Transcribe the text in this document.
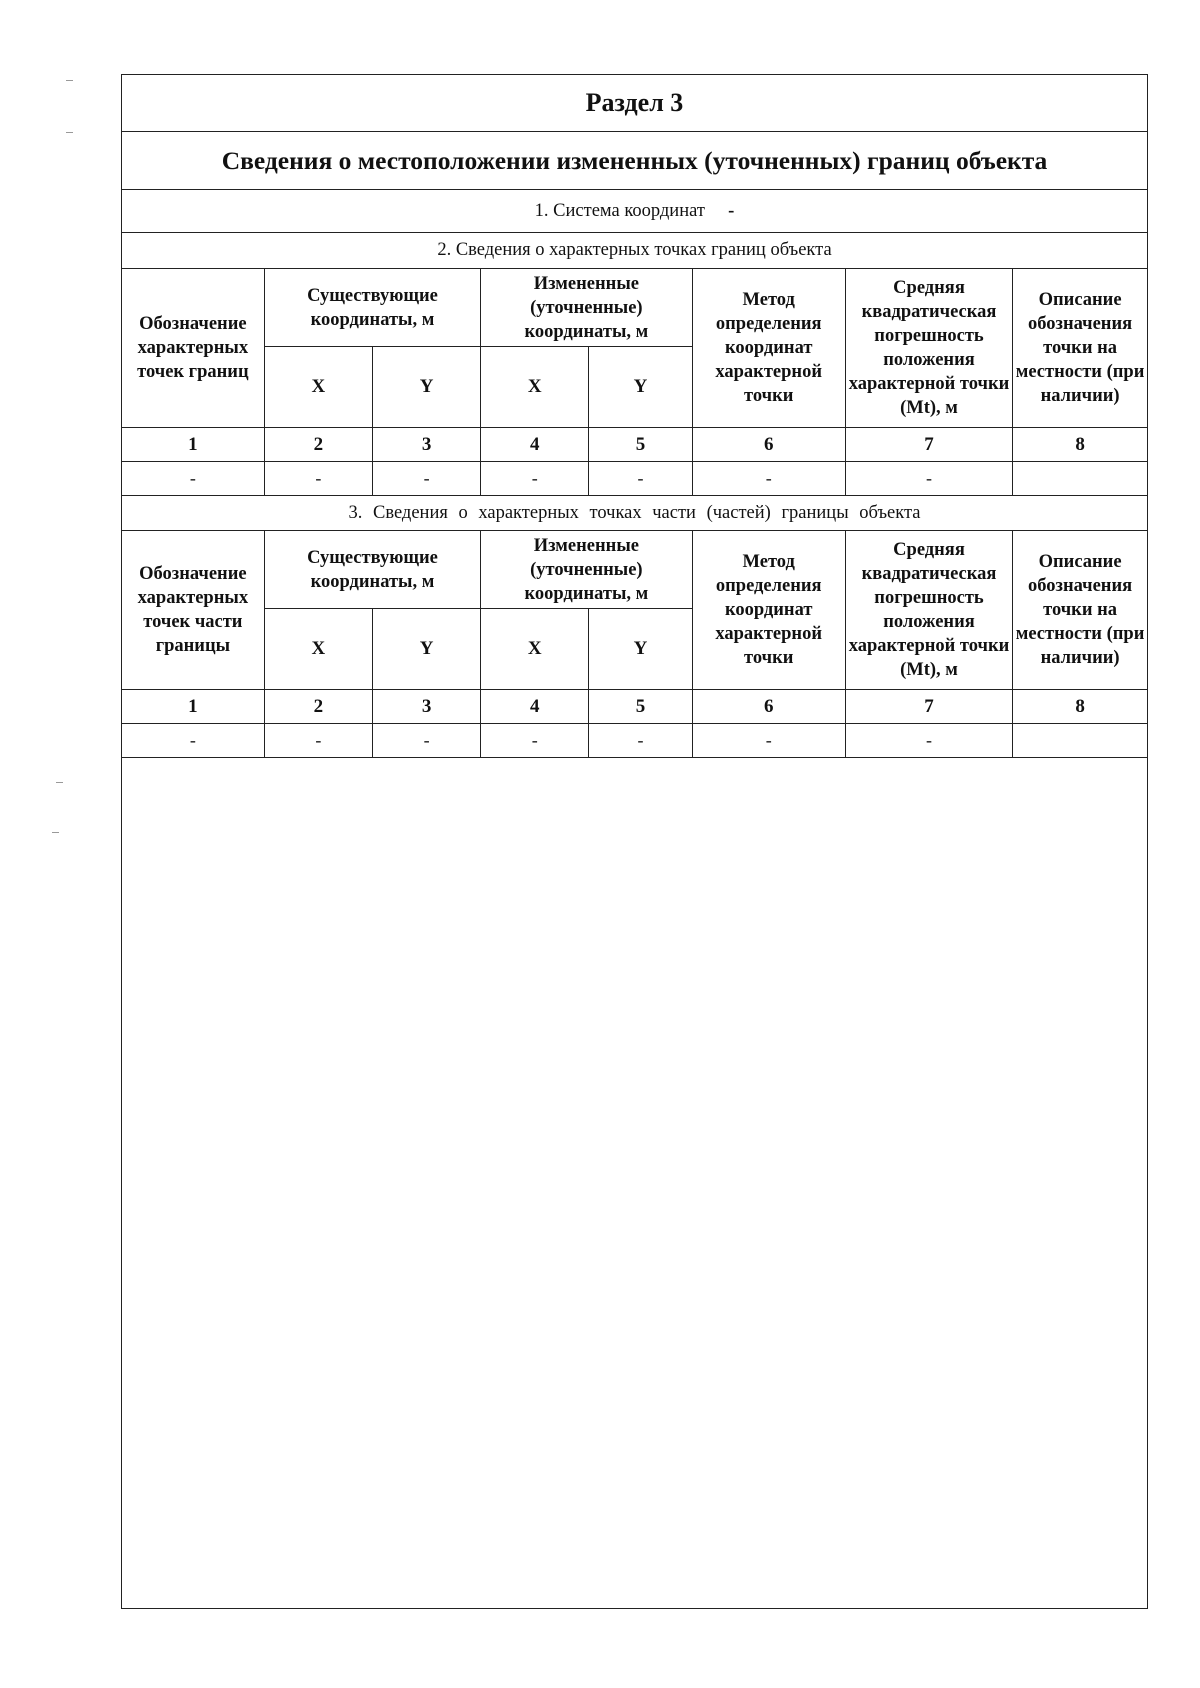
Раздел 3							
Сведения о местоположении измененных (уточненных) границ объекта							
1. Система координат -							
2. Сведения о характерных точках границ объекта							
Обозначение характерных точек границ	Существующие координаты, м		Измененные (уточненные) координаты, м		Метод определения координат характерной точки	Средняя квадратическая погрешность положения характерной точки (Mt), м	Описание обозначения точки на местности (при наличии)
	X	Y	X	Y			
1	2	3	4	5	6	7	8
-	-	-	-	-	-	-	
3. Сведения о характерных точках части (частей) границы объекта							
Обозначение характерных точек части границы	Существующие координаты, м		Измененные (уточненные) координаты, м		Метод определения координат характерной точки	Средняя квадратическая погрешность положения характерной точки (Mt), м	Описание обозначения точки на местности (при наличии)
	X	Y	X	Y			
1	2	3	4	5	6	7	8
-	-	-	-	-	-	-	
